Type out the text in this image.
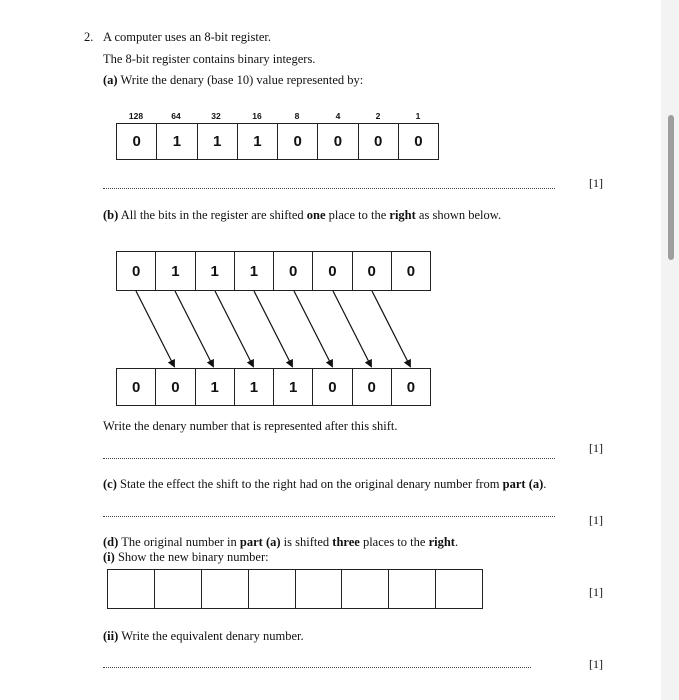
2. A computer uses an 8-bit register.
The 8-bit register contains binary integers.
(a) Write the denary (base 10) value represented by:
128	64	32	16	8	4	2	1
0	1	1	1	0	0	0	0
[1]
(b) All the bits in the register are shifted one place to the right as shown below.
0	1	1	1	0	0	0	0
0	0	1	1	1	0	0	0
Write the denary number that is represented after this shift.
[1]
(c) State the effect the shift to the right had on the original denary number from part (a).
[1]
(d) The original number in part (a) is shifted three places to the right.
(i) Show the new binary number:
[1]
(ii) Write the equivalent denary number.
[1]
